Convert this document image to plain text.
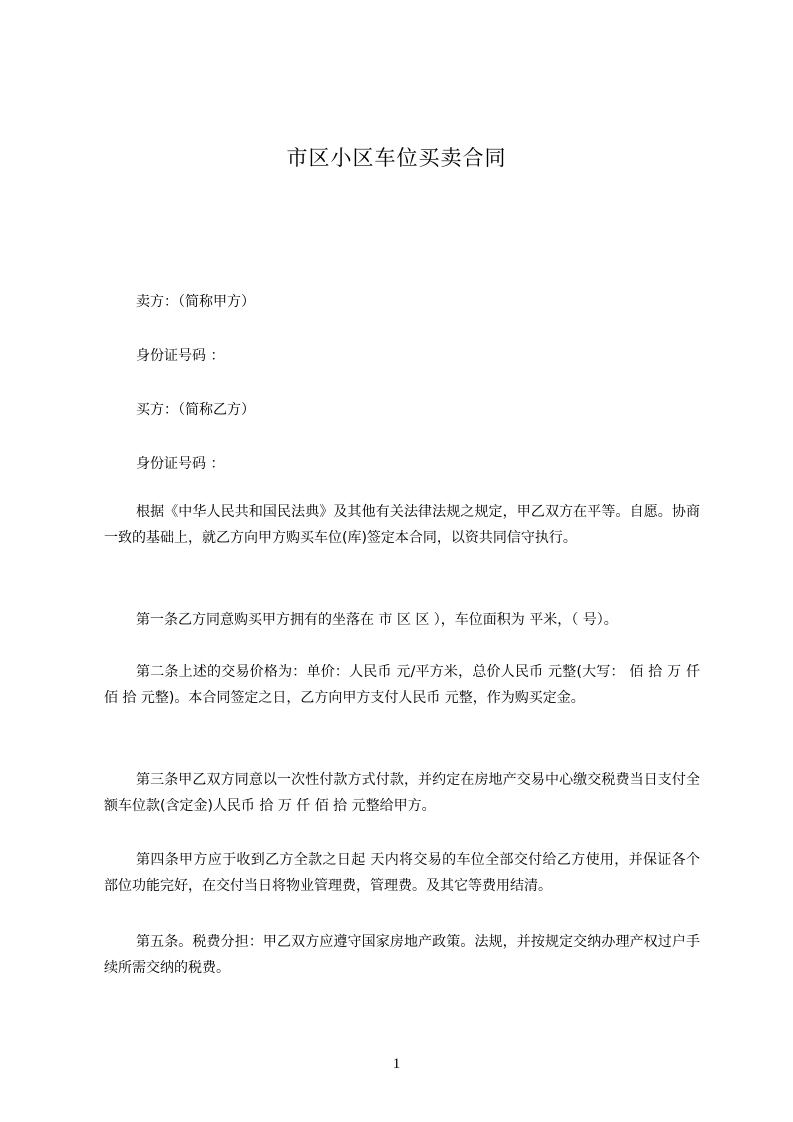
市区小区车位买卖合同
卖方：（简称甲方）
身份证号码 ：
买方：（简称乙方）
身份证号码 ：

根据《中华人民共和国民法典》及其他有关法律法规之规定，甲乙双方在平等。自愿。协商一致的基础上，就乙方向甲方购买车位(库)签定本合同，以资共同信守执行。

第一条乙方同意购买甲方拥有的坐落在 市 区 区 ），车位面积为 平米，（ 号）。

第二条上述的交易价格为：单价：人民币 元/平方米，总价人民币 元整(大写： 佰 拾 万 仟 佰 拾 元整)。本合同签定之日，乙方向甲方支付人民币 元整，作为购买定金。

第三条甲乙双方同意以一次性付款方式付款，并约定在房地产交易中心缴交税费当日支付全额车位款(含定金)人民币 拾 万 仟 佰 拾 元整给甲方。

第四条甲方应于收到乙方全款之日起 天内将交易的车位全部交付给乙方使用，并保证各个部位功能完好，在交付当日将物业管理费，管理费。及其它等费用结清。

第五条。税费分担：甲乙双方应遵守国家房地产政策。法规，并按规定交纳办理产权过户手续所需交纳的税费。

1
